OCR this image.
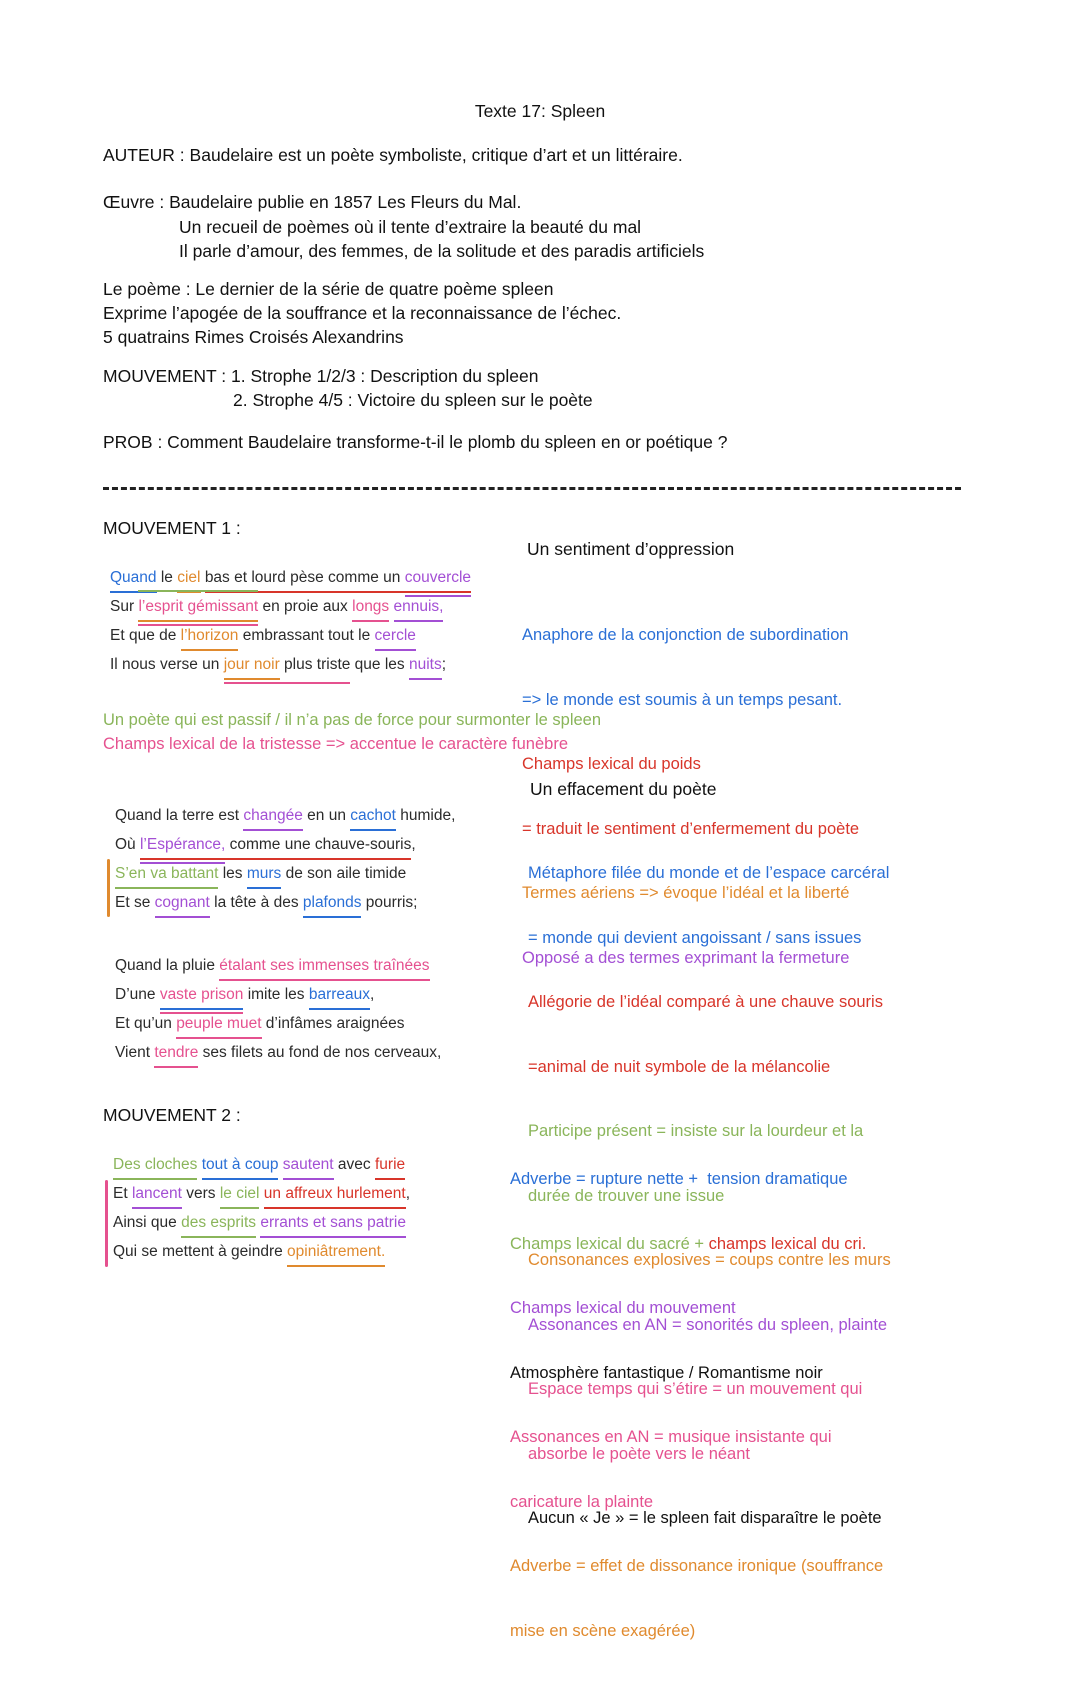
Texte 17: Spleen
AUTEUR : Baudelaire est un poète symboliste, critique d’art et un littéraire.
Œuvre : Baudelaire publie en 1857 Les Fleurs du Mal.
Un recueil de poèmes où il tente d’extraire la beauté du mal
Il parle d’amour, des femmes, de la solitude et des paradis artificiels
Le poème : Le dernier de la série de quatre poème spleen
Exprime l’apogée de la souffrance et la reconnaissance de l’échec.
5 quatrains Rimes Croisés Alexandrins
MOUVEMENT : 1. Strophe 1/2/3 : Description du spleen
2. Strophe 4/5 : Victoire du spleen sur le poète
PROB : Comment Baudelaire transforme-t-il le plomb du spleen en or poétique ?
MOUVEMENT 1 :
Un sentiment d’oppression
Quand le ciel bas et lourd pèse comme un couvercle
Sur l’esprit gémissant en proie aux longs ennuis,
Et que de l’horizon embrassant tout le cercle
Il nous verse un jour noir plus triste que les nuits;

Anaphore de la conjonction de subordination

=> le monde est soumis à un temps pesant.

Champs lexical du poids

= traduit le sentiment d’enfermement du poète

Termes aériens => évoque l’idéal et la liberté

Opposé a des termes exprimant la fermeture

Un poète qui est passif / il n’a pas de force pour surmonter le spleen
Champs lexical de la tristesse => accentue le caractère funèbre
Un effacement du poète
Quand la terre est changée en un cachot humide,
Où l’Espérance, comme une chauve-souris,
S’en va battant les murs de son aile timide
Et se cognant la tête à des plafonds pourris;
Quand la pluie étalant ses immenses traînées
D’une vaste prison imite les barreaux,
Et qu’un peuple muet d’infâmes araignées
Vient tendre ses filets au fond de nos cerveaux,

Métaphore filée du monde et de l’espace carcéral

= monde qui devient angoissant / sans issues

Allégorie de l’idéal comparé à une chauve souris

=animal de nuit symbole de la mélancolie

Participe présent = insiste sur la lourdeur et la

durée de trouver une issue

Consonances explosives = coups contre les murs

Assonances en AN = sonorités du spleen, plainte

Espace temps qui s’étire = un mouvement qui

absorbe le poète vers le néant

Aucun « Je » = le spleen fait disparaître le poète

MOUVEMENT 2 :
Des cloches tout à coup sautent avec furie
Et lancent vers le ciel un affreux hurlement,
Ainsi que des esprits errants et sans patrie
Qui se mettent à geindre opiniâtrement.

Adverbe = rupture nette +  tension dramatique

Champs lexical du sacré + champs lexical du cri.

Champs lexical du mouvement

Atmosphère fantastique / Romantisme noir

Assonances en AN = musique insistante qui

caricature la plainte

Adverbe = effet de dissonance ironique (souffrance

mise en scène exagérée)
